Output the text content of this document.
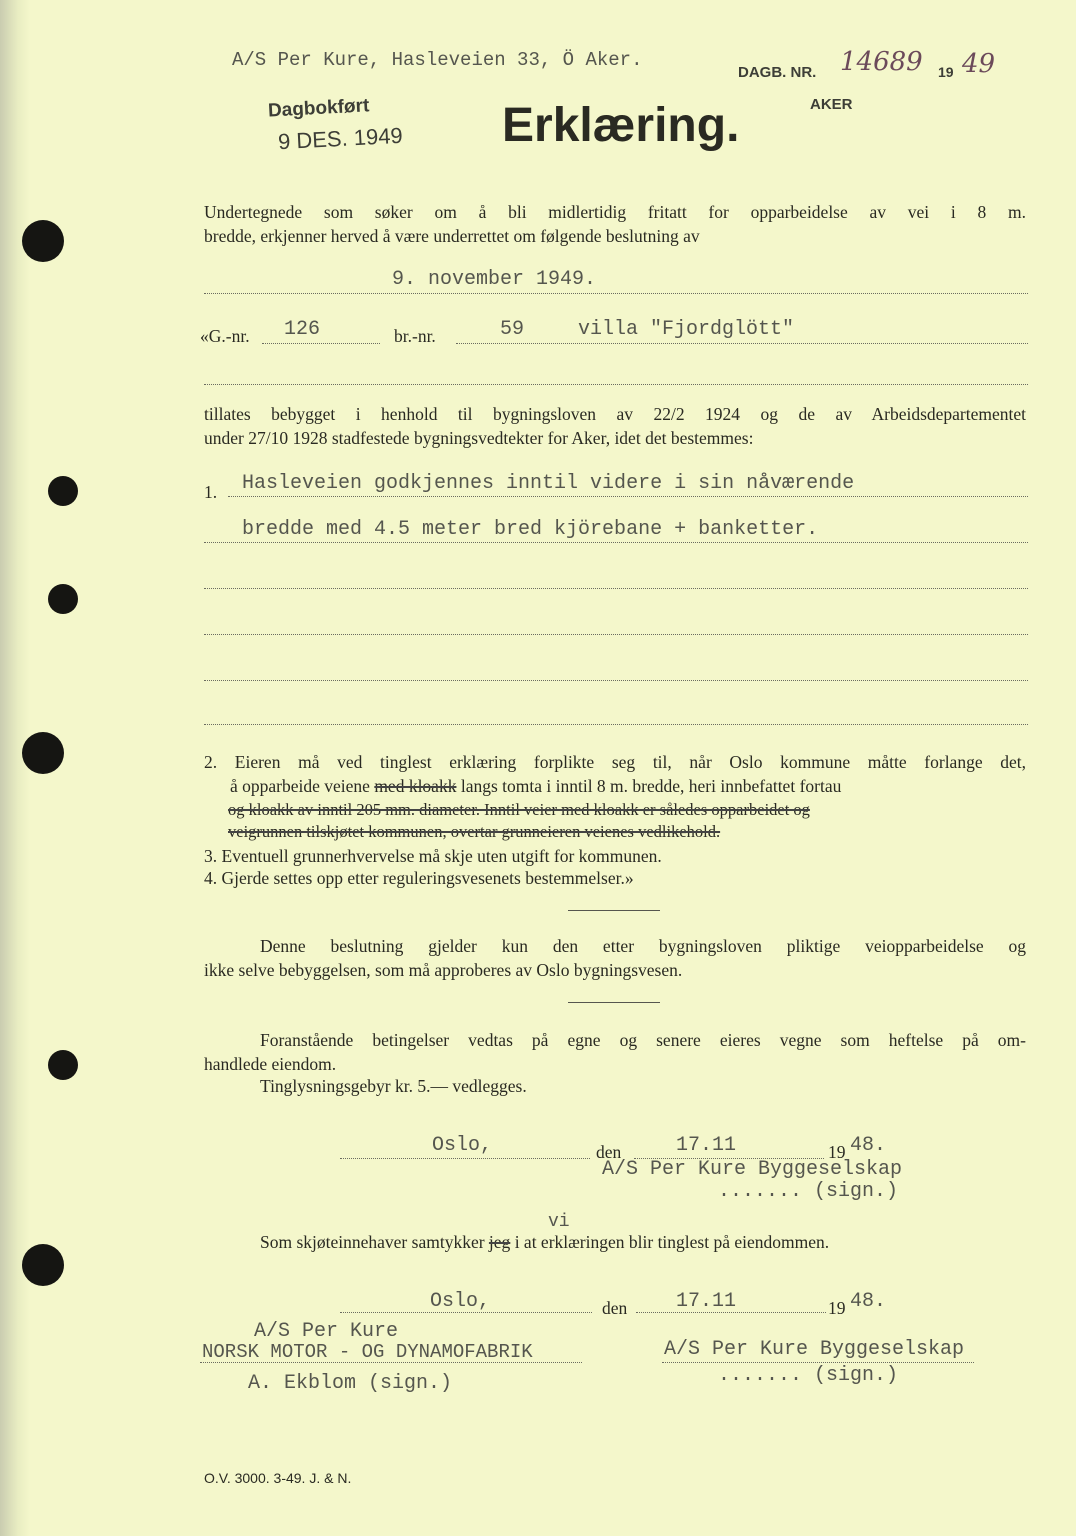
A/S Per Kure, Hasleveien 33, Ö Aker.
Dagbokført
9 DES. 1949 Erklæring.
DAGB. NR. 14689 19 49
AKER
Undertegnede som søker om å bli midlertidig fritatt for opparbeidelse av vei i 8 m.
bredde, erkjenner herved å være underrettet om følgende beslutning av
9. november 1949.
«G.-nr. 126	br.-nr.	59	villa "Fjordglött"
tillates bebygget i henhold til bygningsloven av 22/2 1924 og de av Arbeidsdepartementet
under 27/10 1928 stadfestede bygningsvedtekter for Aker, idet det bestemmes:
1. Hasleveien godkjennes inntil videre i sin nåværende
bredde med 4.5 meter bred kjörebane + banketter.
2. Eieren må ved tinglest erklæring forplikte seg til, når Oslo kommune måtte forlange det,
å opparbeide veiene med kloakk langs tomta i inntil 8 m. bredde, heri innbefattet fortau
og kloakk av inntil 205 mm. diameter. Inntil veier med kloakk er således opparbeidet og
veigrunnen tilskjøtet kommunen, overtar grunneieren veienes vedlikehold.
3. Eventuell grunnerhvervelse må skje uten utgift for kommunen.
4. Gjerde settes opp etter reguleringsvesenets bestemmelser.»
Denne beslutning gjelder kun den etter bygningsloven pliktige veiopparbeidelse og
ikke selve bebyggelsen, som må approberes av Oslo bygningsvesen.
Foranstående betingelser vedtas på egne og senere eieres vegne som heftelse på om-
handlede eiendom.
Tinglysningsgebyr kr. 5.— vedlegges.
Oslo,	den	17.11	19 48.
A/S Per Kure Byggeselskap
....... (sign.)
vi
Som skjøteinnehaver samtykker jeg i at erklæringen blir tinglest på eiendommen.
Oslo,	den 17.11	19 48.
A/S Per Kure
NORSK MOTOR - OG DYNAMOFABRIK
A. Ekblom (sign.)
A/S Per Kure Byggeselskap
....... (sign.)
O.V. 3000. 3-49. J. & N.
